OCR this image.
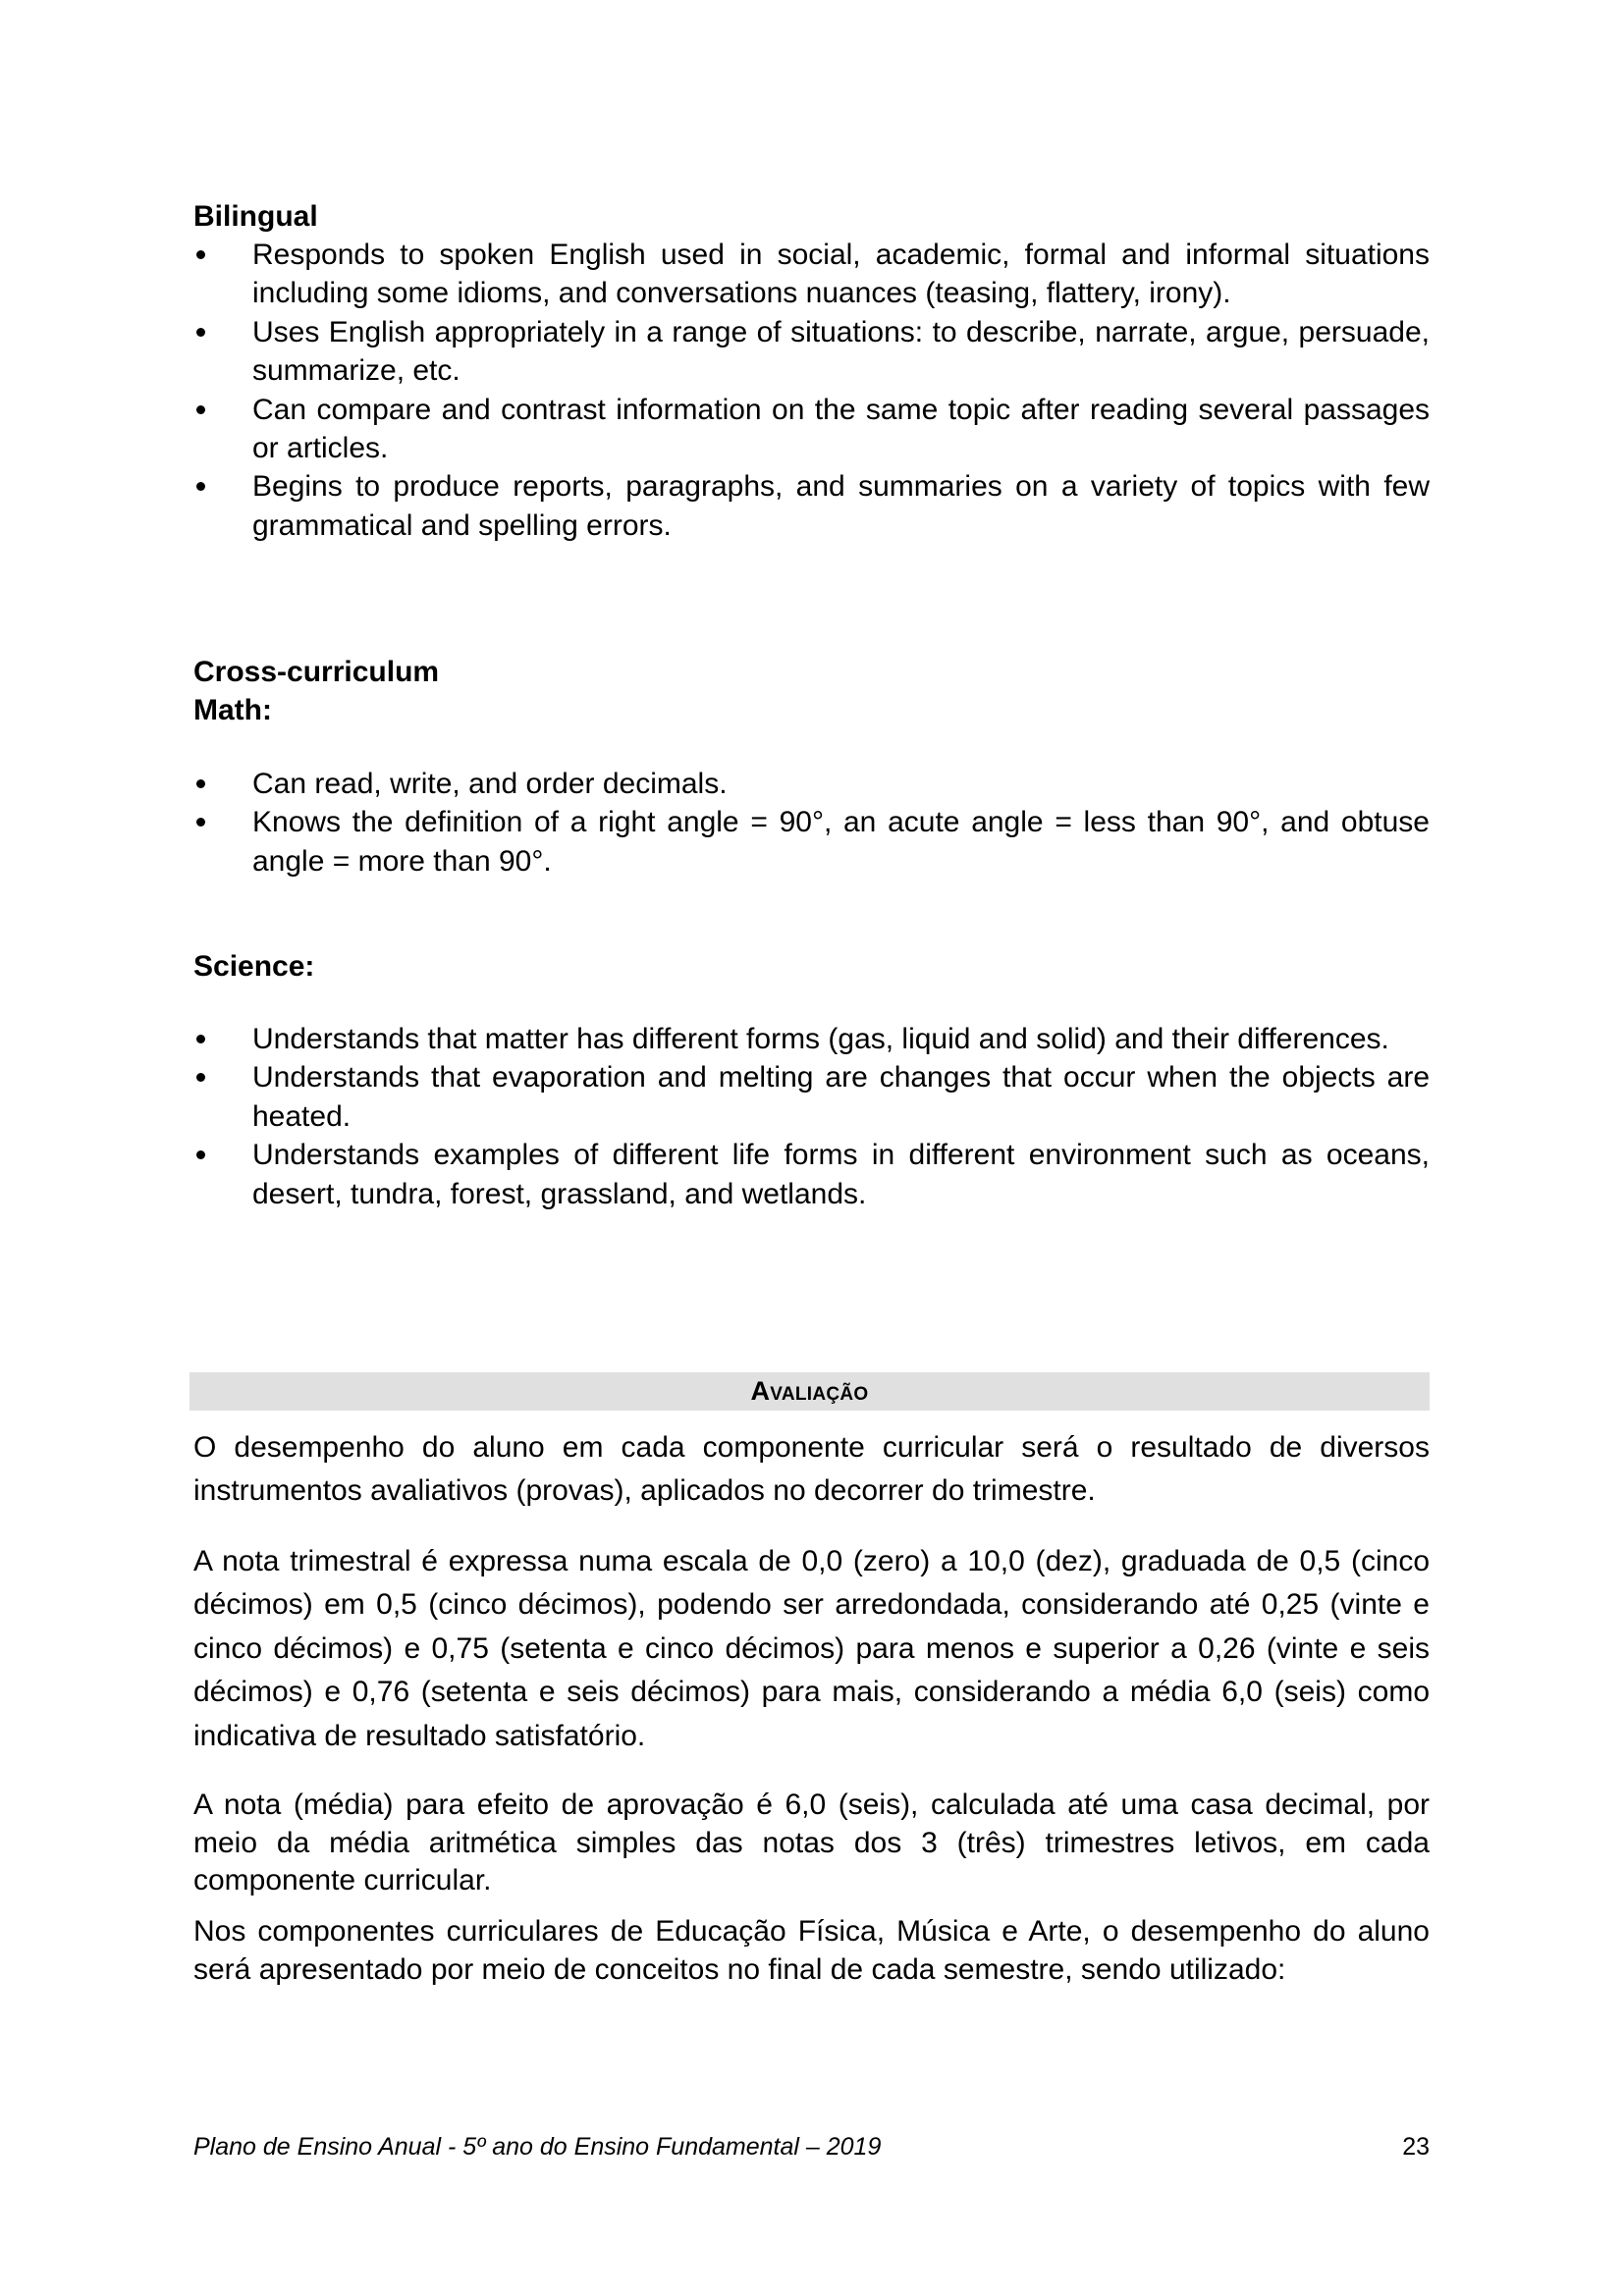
Bilingual
Responds to spoken English used in social, academic, formal and informal situations including some idioms, and conversations nuances (teasing, flattery, irony).
Uses English appropriately in a range of situations: to describe, narrate, argue, persuade, summarize, etc.
Can compare and contrast information on the same topic after reading several passages or articles.
Begins to produce reports, paragraphs, and summaries on a variety of topics with few grammatical and spelling errors.
Cross-curriculum
Math:
Can read, write, and order decimals.
Knows the definition of a right angle = 90°, an acute angle = less than 90°, and obtuse angle = more than 90°.
Science:
Understands that matter has different forms (gas, liquid and solid) and their differences.
Understands that evaporation and melting are changes that occur when the objects are heated.
Understands examples of different life forms in different environment such as oceans, desert, tundra, forest, grassland, and wetlands.
Avaliação

O desempenho do aluno em cada componente curricular será o resultado de diversos instrumentos avaliativos (provas), aplicados no decorrer do trimestre.

A nota trimestral é expressa numa escala de 0,0 (zero) a 10,0 (dez), graduada de 0,5 (cinco décimos) em 0,5 (cinco décimos), podendo ser arredondada, considerando até 0,25 (vinte e cinco décimos) e 0,75 (setenta e cinco décimos) para menos e superior a 0,26 (vinte e seis décimos) e 0,76 (setenta e seis décimos) para mais, considerando a média 6,0 (seis) como indicativa de resultado satisfatório.

A nota (média) para efeito de aprovação é 6,0 (seis), calculada até uma casa decimal, por meio da média aritmética simples das notas dos 3 (três) trimestres letivos, em cada componente curricular.

Nos componentes curriculares de Educação Física, Música e Arte, o desempenho do aluno será apresentado por meio de conceitos no final de cada semestre, sendo utilizado:

Plano de Ensino Anual - 5º ano do Ensino Fundamental – 2019	23
